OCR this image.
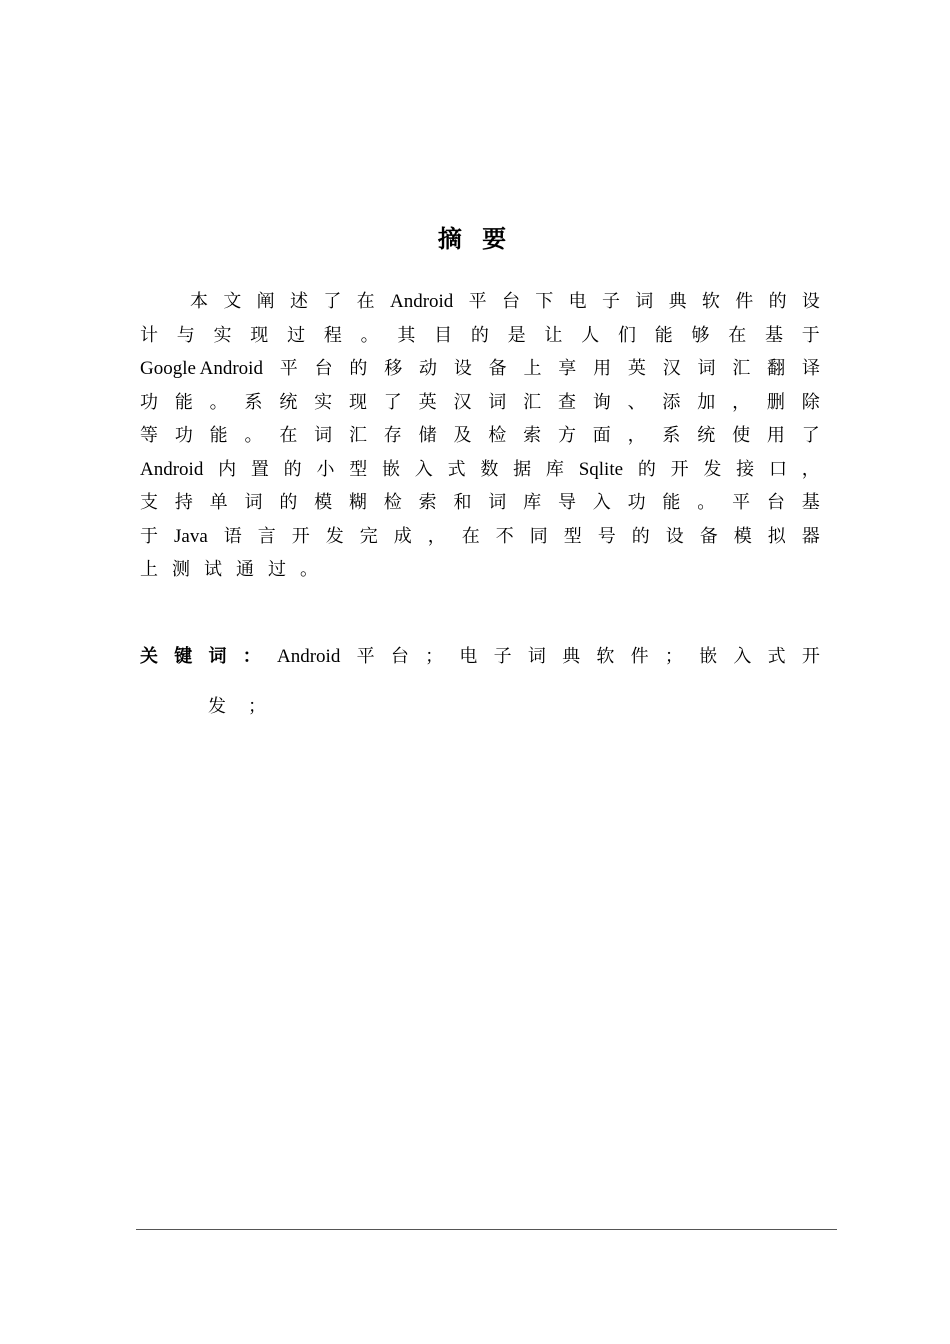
摘 要
本 文 阐 述 了 在 Android 平 台 下 电 子 词 典 软 件 的 设
计 与 实 现 过 程 。 其 目 的 是 让 人 们 能 够 在 基 于
Google Android 平 台 的 移 动 设 备 上 享 用 英 汉 词 汇 翻 译
功 能 。 系 统 实 现 了 英 汉 词 汇 查 询 、 添 加 ， 删 除
等 功 能 。 在 词 汇 存 储 及 检 索 方 面 ， 系 统 使 用 了
Android 内 置 的 小 型 嵌 入 式 数 据 库 Sqlite 的 开 发 接 口 ，
支 持 单 词 的 模 糊 检 索 和 词 库 导 入 功 能 。 平 台 基
于 Java 语 言 开 发 完 成 ， 在 不 同 型 号 的 设 备 模 拟 器
上 测 试 通 过 。
关 键 词 ： Android 平 台 ； 电 子 词 典 软 件 ； 嵌 入 式 开
发 ；
